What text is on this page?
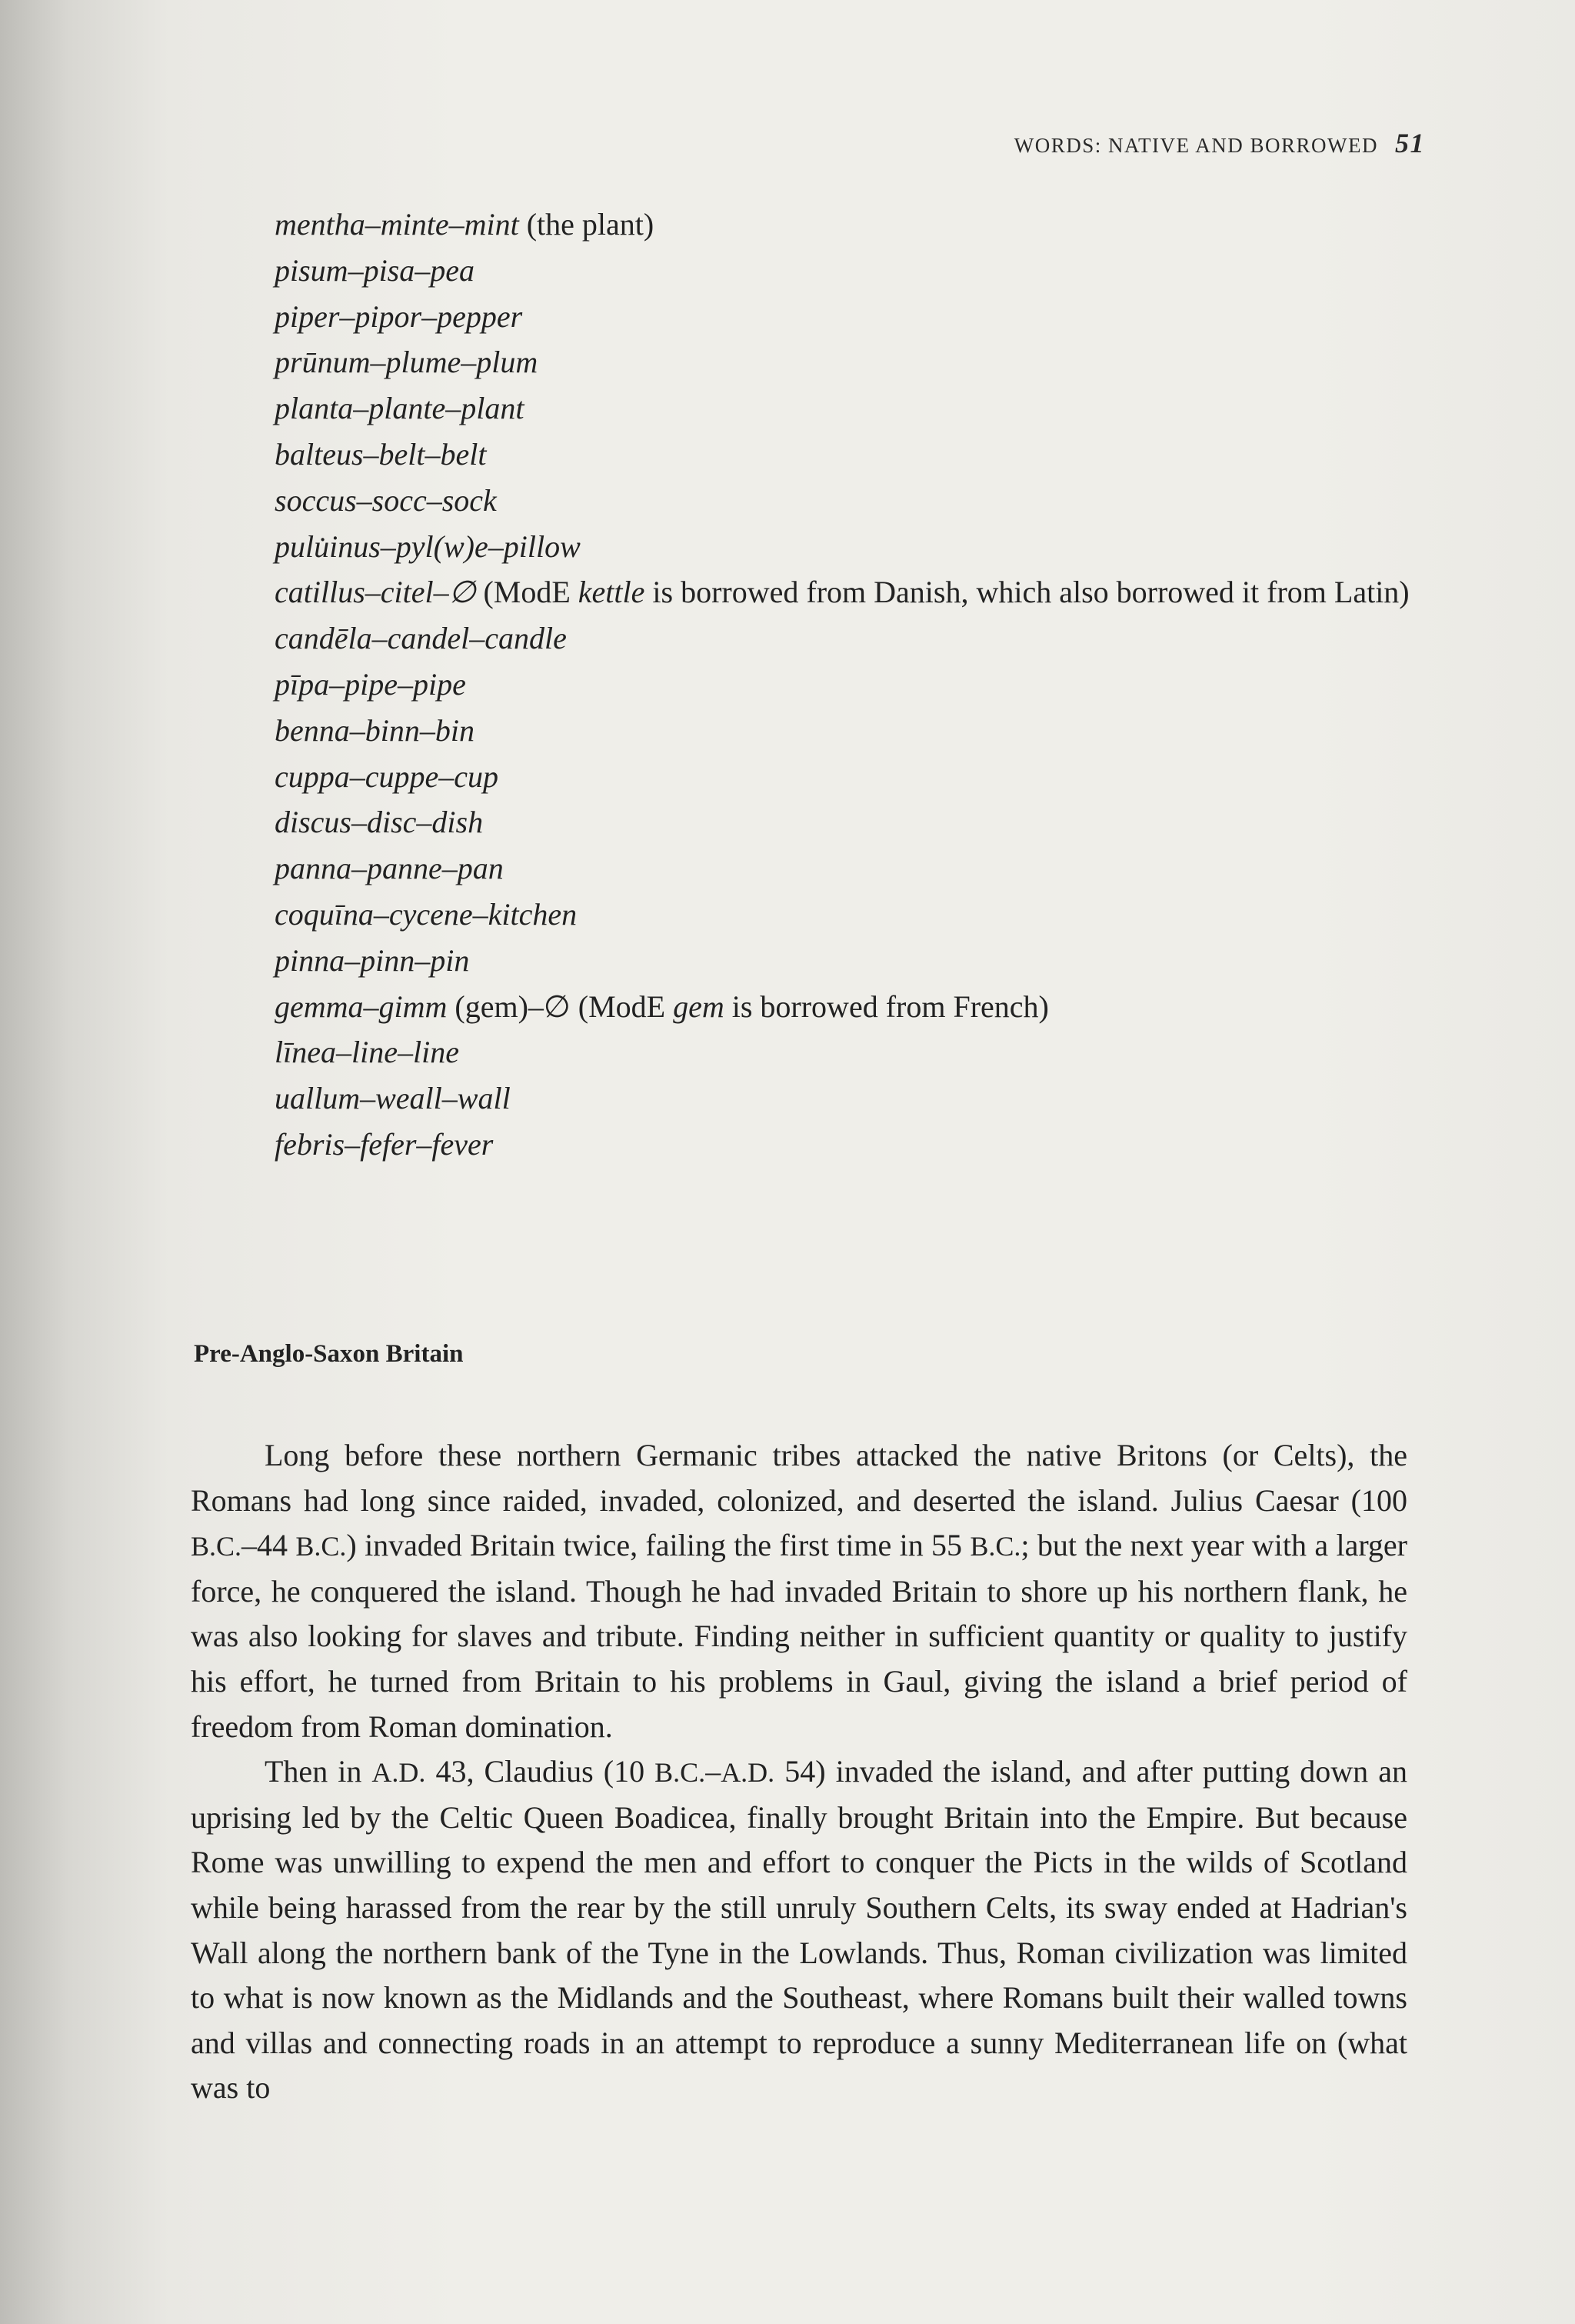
WORDS: NATIVE AND BORROWED 51
mentha–minte–mint (the plant)
pisum–pisa–pea
piper–pipor–pepper
prūnum–plume–plum
planta–plante–plant
balteus–belt–belt
soccus–socc–sock
pulu̇inus–pyl(w)e–pillow
catillus–citel–∅ (ModE kettle is borrowed from Danish, which also borrowed it from Latin)
candēla–candel–candle
pīpa–pipe–pipe
benna–binn–bin
cuppa–cuppe–cup
discus–disc–dish
panna–panne–pan
coquīna–cycene–kitchen
pinna–pinn–pin
gemma–gimm (gem)–∅ (ModE gem is borrowed from French)
līnea–line–line
uallum–weall–wall
febris–fefer–fever
Pre-Anglo-Saxon Britain

Long before these northern Germanic tribes attacked the native Britons (or Celts), the Romans had long since raided, invaded, colonized, and deserted the island. Julius Caesar (100 B.C.–44 B.C.) invaded Britain twice, failing the first time in 55 B.C.; but the next year with a larger force, he conquered the island. Though he had invaded Britain to shore up his northern flank, he was also looking for slaves and tribute. Finding neither in sufficient quantity or quality to justify his effort, he turned from Britain to his problems in Gaul, giving the island a brief period of freedom from Roman domination.

Then in A.D. 43, Claudius (10 B.C.–A.D. 54) invaded the island, and after putting down an uprising led by the Celtic Queen Boadicea, finally brought Britain into the Empire. But because Rome was unwilling to expend the men and effort to conquer the Picts in the wilds of Scotland while being harassed from the rear by the still unruly Southern Celts, its sway ended at Hadrian's Wall along the northern bank of the Tyne in the Lowlands. Thus, Roman civilization was limited to what is now known as the Midlands and the Southeast, where Romans built their walled towns and villas and connecting roads in an attempt to reproduce a sunny Mediterranean life on (what was to
